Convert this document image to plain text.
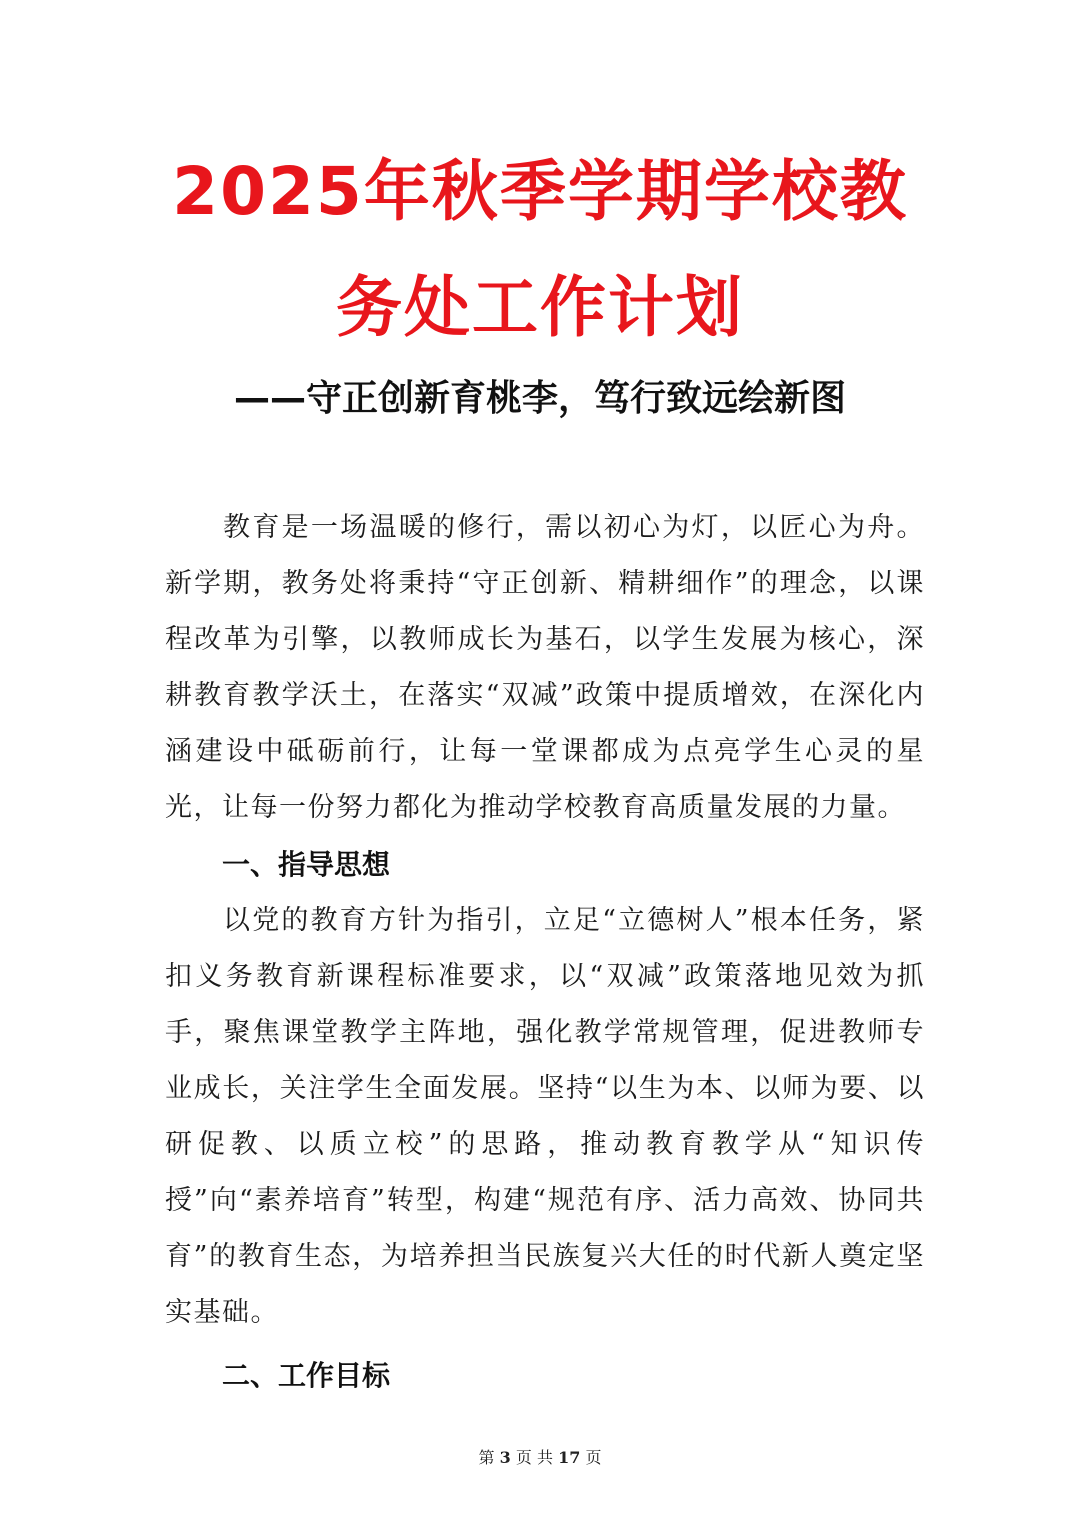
2025年秋季学期学校教
务处工作计划
——守正创新育桃李，笃行致远绘新图

教育是一场温暖的修行，需以初心为灯，以匠心为舟。新学期，教务处将秉持“守正创新、精耕细作”的理念，以课程改革为引擎，以教师成长为基石，以学生发展为核心，深耕教育教学沃土，在落实“双减”政策中提质增效，在深化内涵建设中砥砺前行，让每一堂课都成为点亮学生心灵的星光，让每一份努力都化为推动学校教育高质量发展的力量。

一、指导思想

以党的教育方针为指引，立足“立德树人”根本任务，紧扣义务教育新课程标准要求，以“双减”政策落地见效为抓手，聚焦课堂教学主阵地，强化教学常规管理，促进教师专业成长，关注学生全面发展。坚持“以生为本、以师为要、以研促教、以质立校”的思路，推动教育教学从“知识传授”向“素养培育”转型，构建“规范有序、活力高效、协同共育”的教育生态，为培养担当民族复兴大任的时代新人奠定坚实基础。

二、工作目标
第 3 页 共 17 页
